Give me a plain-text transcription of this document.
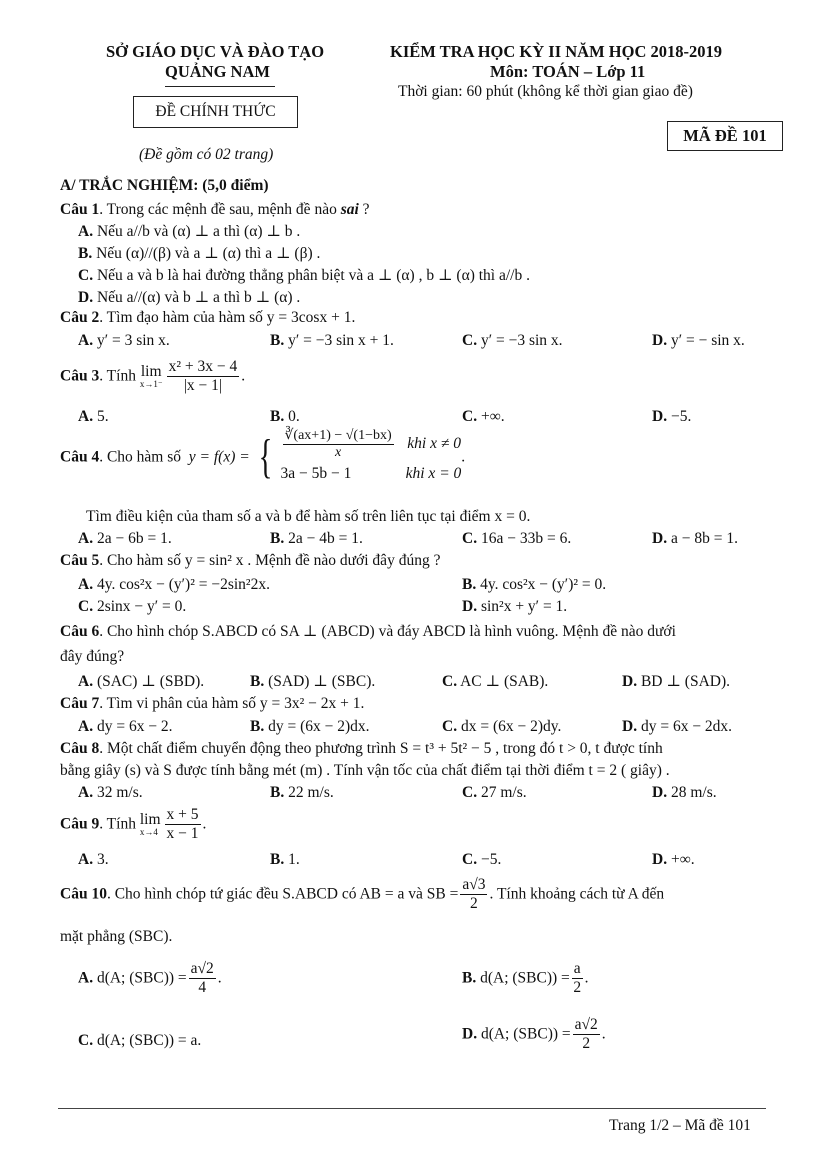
SỞ GIÁO DỤC VÀ ĐÀO TẠO
QUẢNG NAM
ĐỀ CHÍNH THỨC
(Đề gồm có 02 trang)
KIỂM TRA HỌC KỲ II NĂM HỌC 2018-2019
Môn: TOÁN – Lớp 11
Thời gian: 60 phút (không kể thời gian giao đề)
MÃ ĐỀ 101
A/ TRẮC NGHIỆM: (5,0 điểm)
Câu 1. Trong các mệnh đề sau, mệnh đề nào sai ?
A. Nếu a//b và (α) ⊥ a thì (α) ⊥ b .
B. Nếu (α)//(β) và a ⊥ (α) thì a ⊥ (β) .
C. Nếu a và b là hai đường thẳng phân biệt và a ⊥ (α) , b ⊥ (α) thì a//b .
D. Nếu a//(α) và b ⊥ a thì b ⊥ (α) .
Câu 2. Tìm đạo hàm của hàm số y = 3cosx + 1.
A. y′ = 3 sin x.	B. y′ = −3 sin x + 1.	C. y′ = −3 sin x.	D. y′ = − sin x.
Câu 3. Tính lim
$x\to 1^- \frac{\text{x² + 3x − 4}}{|x - 1|}$ .
A. 5.	B. 0.	C. +∞.	D. −5.
Câu 4. Cho hàm số y = f(x) = { $\frac{∛(ax+1) - √(1-bx)}{x}$ khi x ≠ 0
3a − 5b − 1	khi x = 0
.
Tìm điều kiện của tham số a và b để hàm số trên liên tục tại điểm x = 0.
A. 2a − 6b = 1.	B. 2a − 4b = 1.	C. 16a − 33b = 6.	D. a − 8b = 1.
Câu 5. Cho hàm số y = sin² x . Mệnh đề nào dưới đây đúng ?
A. 4y. cos²x − (y′)² = −2sin²2x.	B. 4y. cos²x − (y′)² = 0.
C. 2sinx − y′ = 0.	D. sin²x + y′ = 1.
Câu 6. Cho hình chóp S.ABCD có SA ⊥ (ABCD) và đáy ABCD là hình vuông. Mệnh đề nào dưới
đây đúng?
A. (SAC) ⊥ (SBD).	B. (SAD) ⊥ (SBC).	C. AC ⊥ (SAB).	D. BD ⊥ (SAD).
Câu 7. Tìm vi phân của hàm số y = 3x² − 2x + 1.
A. dy = 6x − 2.	B. dy = (6x − 2)dx.	C. dx = (6x − 2)dy.	D. dy = 6x − 2dx.
Câu 8. Một chất điểm chuyển động theo phương trình S = t³ + 5t² − 5 , trong đó t > 0, t được tính
bằng giây (s) và S được tính bằng mét (m) . Tính vận tốc của chất điểm tại thời điểm t = 2 ( giây) .
A. 32 m/s.	B. 22 m/s.	C. 27 m/s.	D. 28 m/s.
Câu 9. Tính lim
$x\to 4 \frac{x + 5}{x - 1}$ .
A. 3.	B. 1.	C. −5.	D. +∞.
Câu 10. Cho hình chóp tứ giác đều S.ABCD có AB = a và SB = $\frac{a√3}{2}$ . Tính khoảng cách từ A đến
mặt phẳng (SBC).
A. d(A; $(SBC)) = \frac{a√2}{4}$ .	B. d(A; $(SBC)) = \frac{a}{2}$ .
C. d(A; (SBC)) = a.	D. d(A; $(SBC)) = \frac{a√2}{2}$ .
Trang 1/2 – Mã đề 101
